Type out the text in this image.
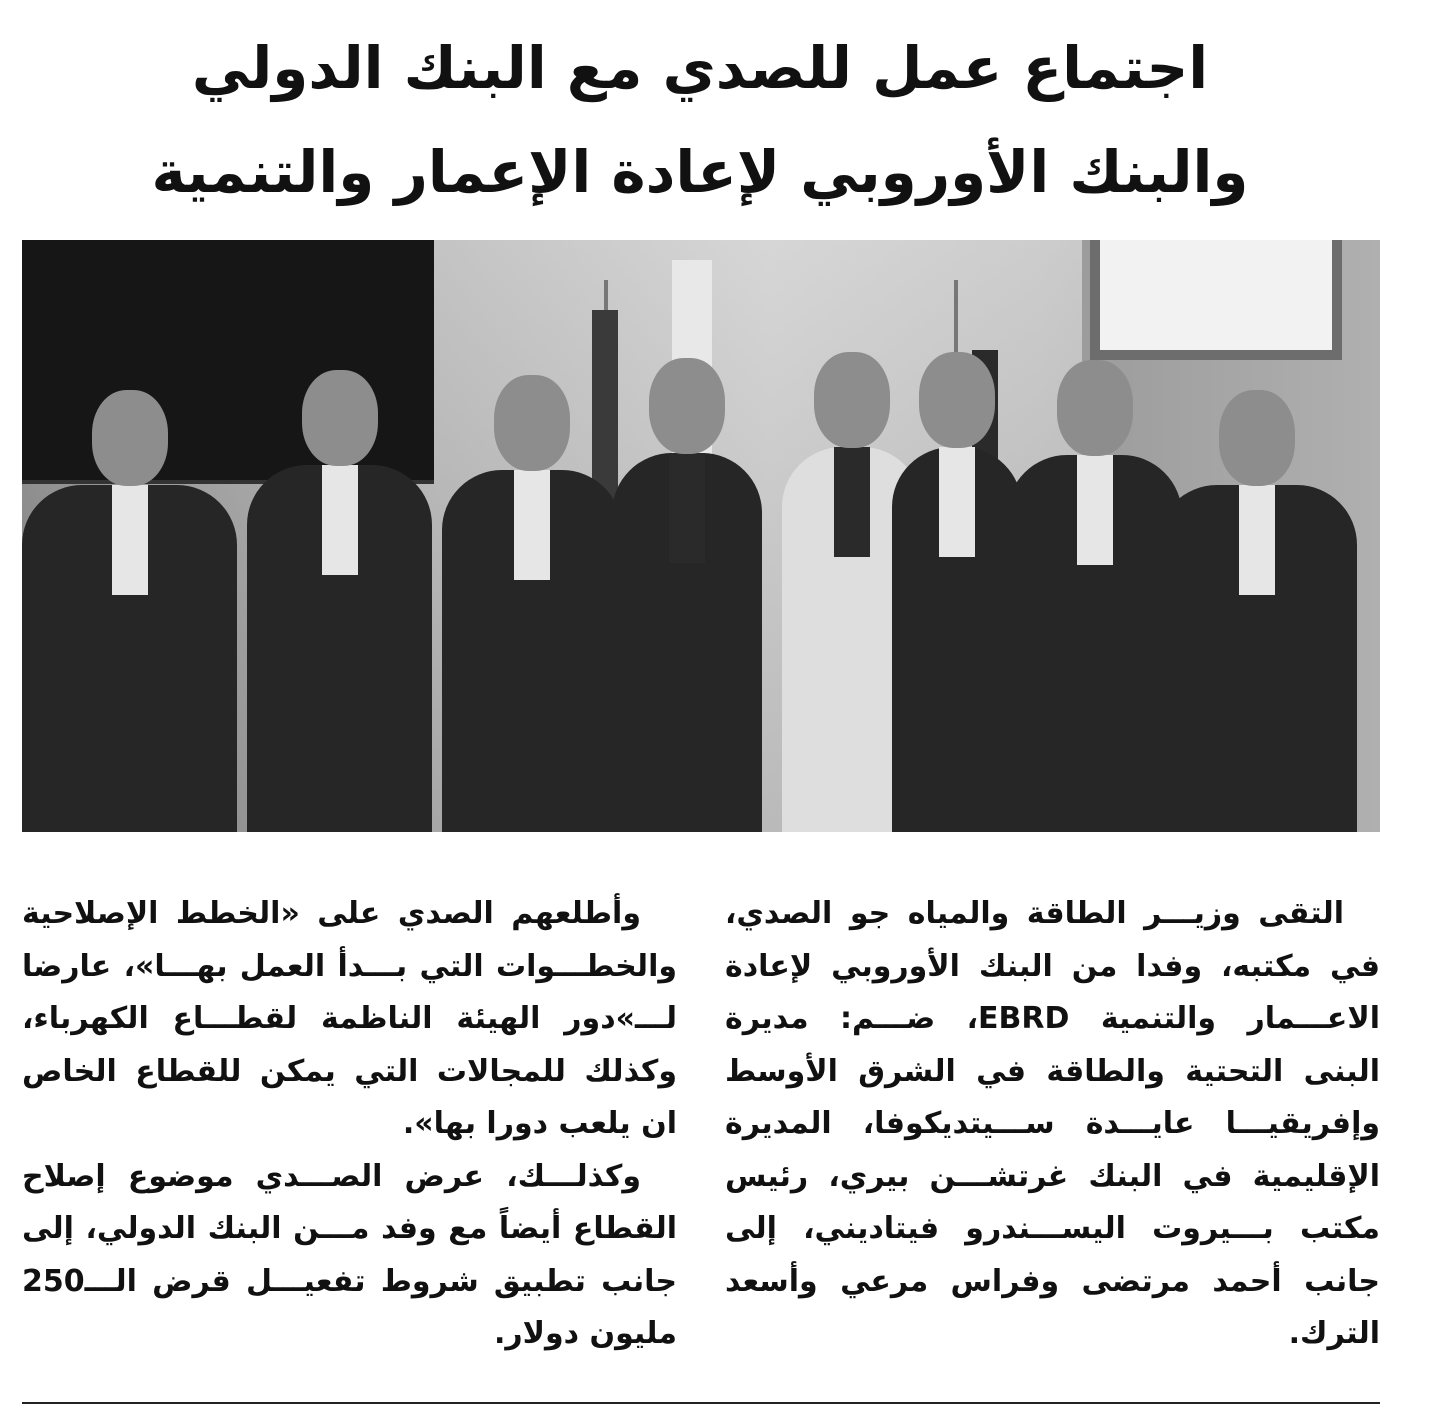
اجتماع عمل للصدي مع البنك الدولي
والبنك الأوروبي لإعادة الإعمار والتنمية
التقى وزيـــر الطاقة والمياه جو الصدي،
في مكتبه، وفدا من البنك الأوروبي لإعادة
الاعـــمار والتنمية EBRD، ضـــم: مديرة
البنى التحتية والطاقة في الشرق الأوسط
وإفريقيـــا عايـــدة ســـيتديكوفا، المديرة
الإقليمية في البنك غرتشـــن بيري، رئيس
مكتب بـــيروت اليســـندرو فيتاديني، إلى
جانب أحمد مرتضى وفراس مرعي وأسعد
الترك.
وأطلعهم الصدي على «الخطط الإصلاحية
والخطـــوات التي بـــدأ العمل بهـــا»، عارضا
لـــ»دور الهيئة الناظمة لقطـــاع الكهرباء،
وكذلك للمجالات التي يمكن للقطاع الخاص
ان يلعب دورا بها».
وكذلـــك، عرض الصـــدي موضوع إصلاح
القطاع أيضاً مع وفد مـــن البنك الدولي، إلى
جانب تطبيق شروط تفعيـــل قرض الـــ250
مليون دولار.
